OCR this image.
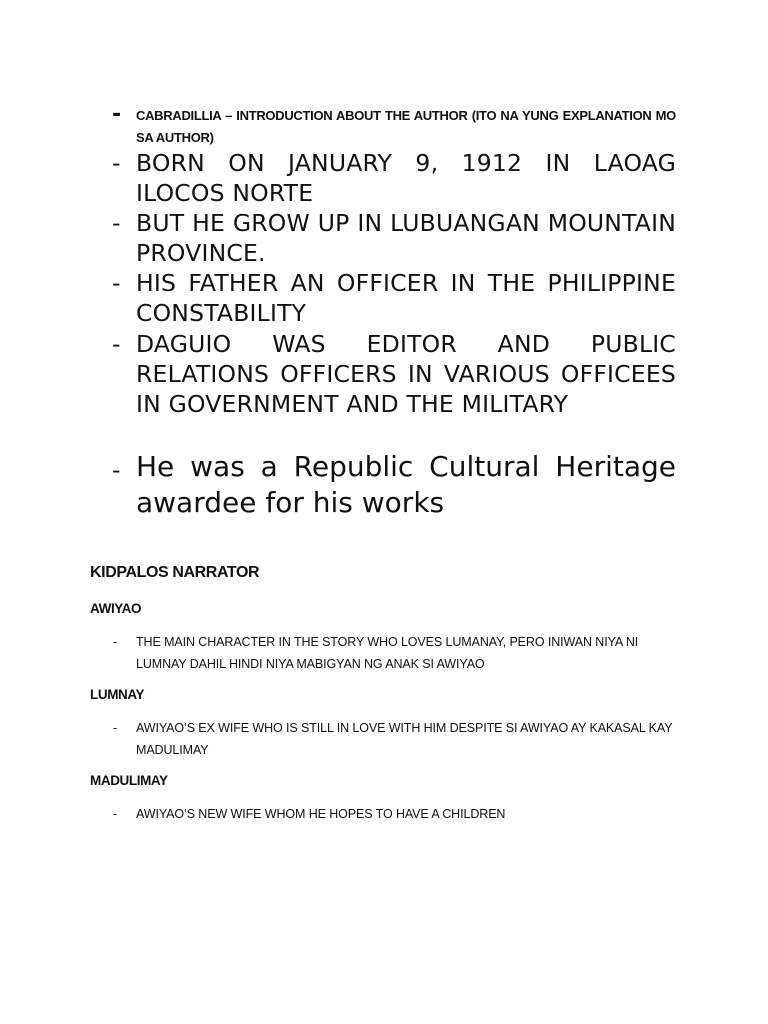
-	CABRADILLIA – INTRODUCTION ABOUT THE AUTHOR (ITO NA YUNG EXPLANATION MO SA AUTHOR)
- BORN ON JANUARY 9, 1912 IN LAOAG ILOCOS NORTE
- BUT HE GROW UP IN LUBUANGAN MOUNTAIN PROVINCE.
- HIS FATHER AN OFFICER IN THE PHILIPPINE CONSTABILITY
- DAGUIO WAS EDITOR AND PUBLIC RELATIONS OFFICERS IN VARIOUS OFFICEES IN GOVERNMENT AND THE MILITARY
- He was a Republic Cultural Heritage awardee for his works
KIDPALOS NARRATOR
AWIYAO
- THE MAIN CHARACTER IN THE STORY WHO LOVES LUMANAY, PERO INIWAN NIYA NI LUMNAY DAHIL HINDI NIYA MABIGYAN NG ANAK SI AWIYAO
LUMNAY
- AWIYAO’S EX WIFE WHO IS STILL IN LOVE WITH HIM DESPITE SI AWIYAO AY KAKASAL KAY MADULIMAY
MADULIMAY
- AWIYAO’S NEW WIFE WHOM HE HOPES TO HAVE A CHILDREN
